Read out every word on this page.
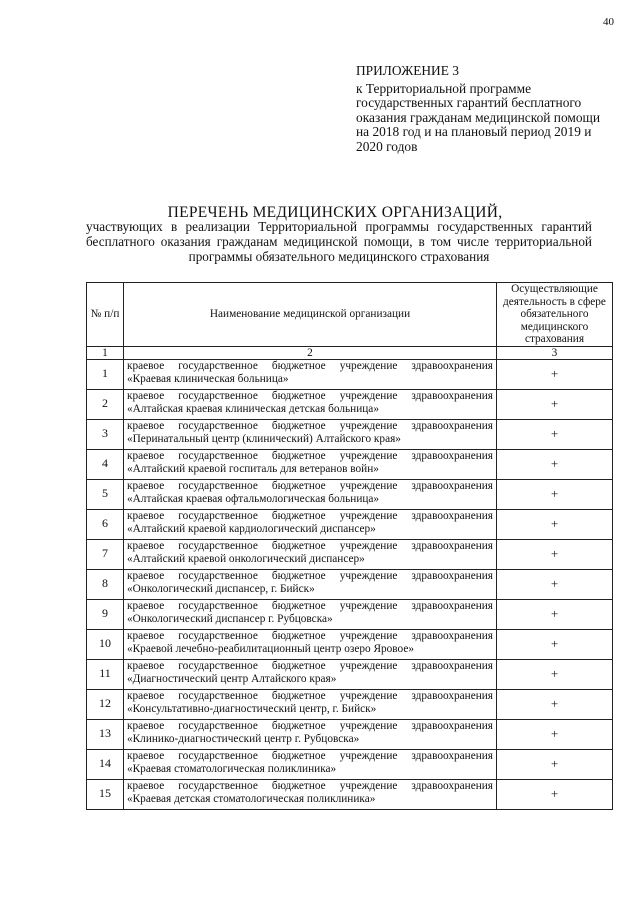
40
ПРИЛОЖЕНИЕ 3
к Территориальной программе государственных гарантий бесплатного оказания гражданам медицинской помощи на 2018 год и на плановый период 2019 и 2020 годов
ПЕРЕЧЕНЬ МЕДИЦИНСКИХ ОРГАНИЗАЦИЙ,
участвующих в реализации Территориальной программы государственных гарантий бесплатного оказания гражданам медицинской помощи, в том числе территориальной программы обязательного медицинского страхования
№ п/п	Наименование медицинской организации	Осуществляющие деятельность в сфере обязательного медицинского страхования
1	2	3
1	краевое государственное бюджетное учреждение здравоохранения «Краевая клиническая больница»	+
2	краевое государственное бюджетное учреждение здравоохранения «Алтайская краевая клиническая детская больница»	+
3	краевое государственное бюджетное учреждение здравоохранения «Перинатальный центр (клинический) Алтайского края»	+
4	краевое государственное бюджетное учреждение здравоохранения «Алтайский краевой госпиталь для ветеранов войн»	+
5	краевое государственное бюджетное учреждение здравоохранения «Алтайская краевая офтальмологическая больница»	+
6	краевое государственное бюджетное учреждение здравоохранения «Алтайский краевой кардиологический диспансер»	+
7	краевое государственное бюджетное учреждение здравоохранения «Алтайский краевой онкологический диспансер»	+
8	краевое государственное бюджетное учреждение здравоохранения «Онкологический диспансер, г. Бийск»	+
9	краевое государственное бюджетное учреждение здравоохранения «Онкологический диспансер г. Рубцовска»	+
10	краевое государственное бюджетное учреждение здравоохранения «Краевой лечебно-реабилитационный центр озеро Яровое»	+
11	краевое государственное бюджетное учреждение здравоохранения «Диагностический центр Алтайского края»	+
12	краевое государственное бюджетное учреждение здравоохранения «Консультативно-диагностический центр, г. Бийск»	+
13	краевое государственное бюджетное учреждение здравоохранения «Клинико-диагностический центр г. Рубцовска»	+
14	краевое государственное бюджетное учреждение здравоохранения «Краевая стоматологическая поликлиника»	+
15	краевое государственное бюджетное учреждение здравоохранения «Краевая детская стоматологическая поликлиника»	+
